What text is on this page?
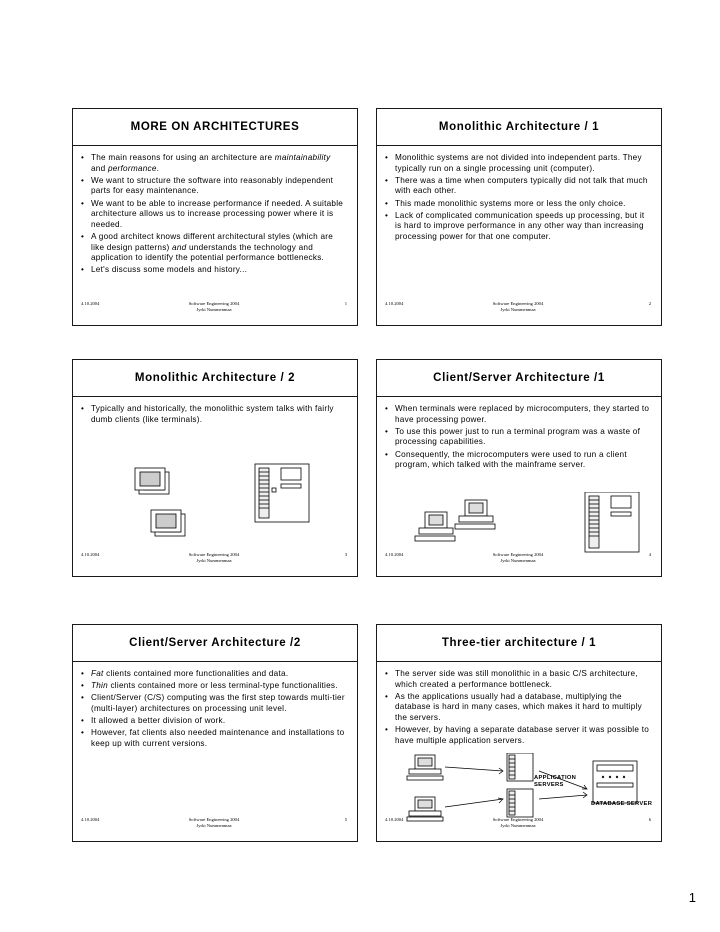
MORE ON ARCHITECTURES
• The main reasons for using an architecture are maintainability and performance.
• We want to structure the software into reasonably independent parts for easy maintenance.
• We want to be able to increase performance if needed. A suitable architecture allows us to increase processing power where it is needed.
• A good architect knows different architectural styles (which are like design patterns) and understands the technology and application to identify the potential performance bottlenecks.
• Let's discuss some models and history...
4.10.2004	Software Engineering 2004
Jyrki Nummenmaa
1
Monolithic Architecture / 1
• Monolithic systems are not divided into independent parts. They typically run on a single processing unit (computer).
• There was a time when computers typically did not talk that much with each other.
• This made monolithic systems more or less the only choice.
• Lack of complicated communication speeds up processing, but it is hard to improve performance in any other way than increasing processing power for that one computer.
4.10.2004	Software Engineering 2004
Jyrki Nummenmaa
2
Monolithic Architecture / 2
• Typically and historically, the monolithic system talks with fairly dumb clients (like terminals).
4.10.2004	Software Engineering 2004
Jyrki Nummenmaa
3
Client/Server Architecture /1
• When terminals were replaced by microcomputers, they started to have processing power.
• To use this power just to run a terminal program was a waste of processing capabilities.
• Consequently, the microcomputers were used to run a client program, which talked with the mainframe server.
4.10.2004	Software Engineering 2004
Jyrki Nummenmaa
4
Client/Server Architecture /2
• Fat clients contained more functionalities and data.
• Thin clients contained more or less terminal-type functionalities.
• Client/Server (C/S) computing was the first step towards multi-tier (multi-layer) architectures on processing unit level.
• It allowed a better division of work.
• However, fat clients also needed maintenance and installations to keep up with current versions.
4.10.2004	Software Engineering 2004
Jyrki Nummenmaa
5
Three-tier architecture / 1
• The server side was still monolithic in a basic C/S architecture, which created a performance bottleneck.
• As the applications usually had a database, multiplying the database is hard in many cases, which makes it hard to multiply the servers.
• However, by having a separate database server it was possible to have multiple application servers.
APPLICATION
SERVERS
DATABASE SERVER
4.10.2004	Software Engineering 2004
Jyrki Nummenmaa
6
1
